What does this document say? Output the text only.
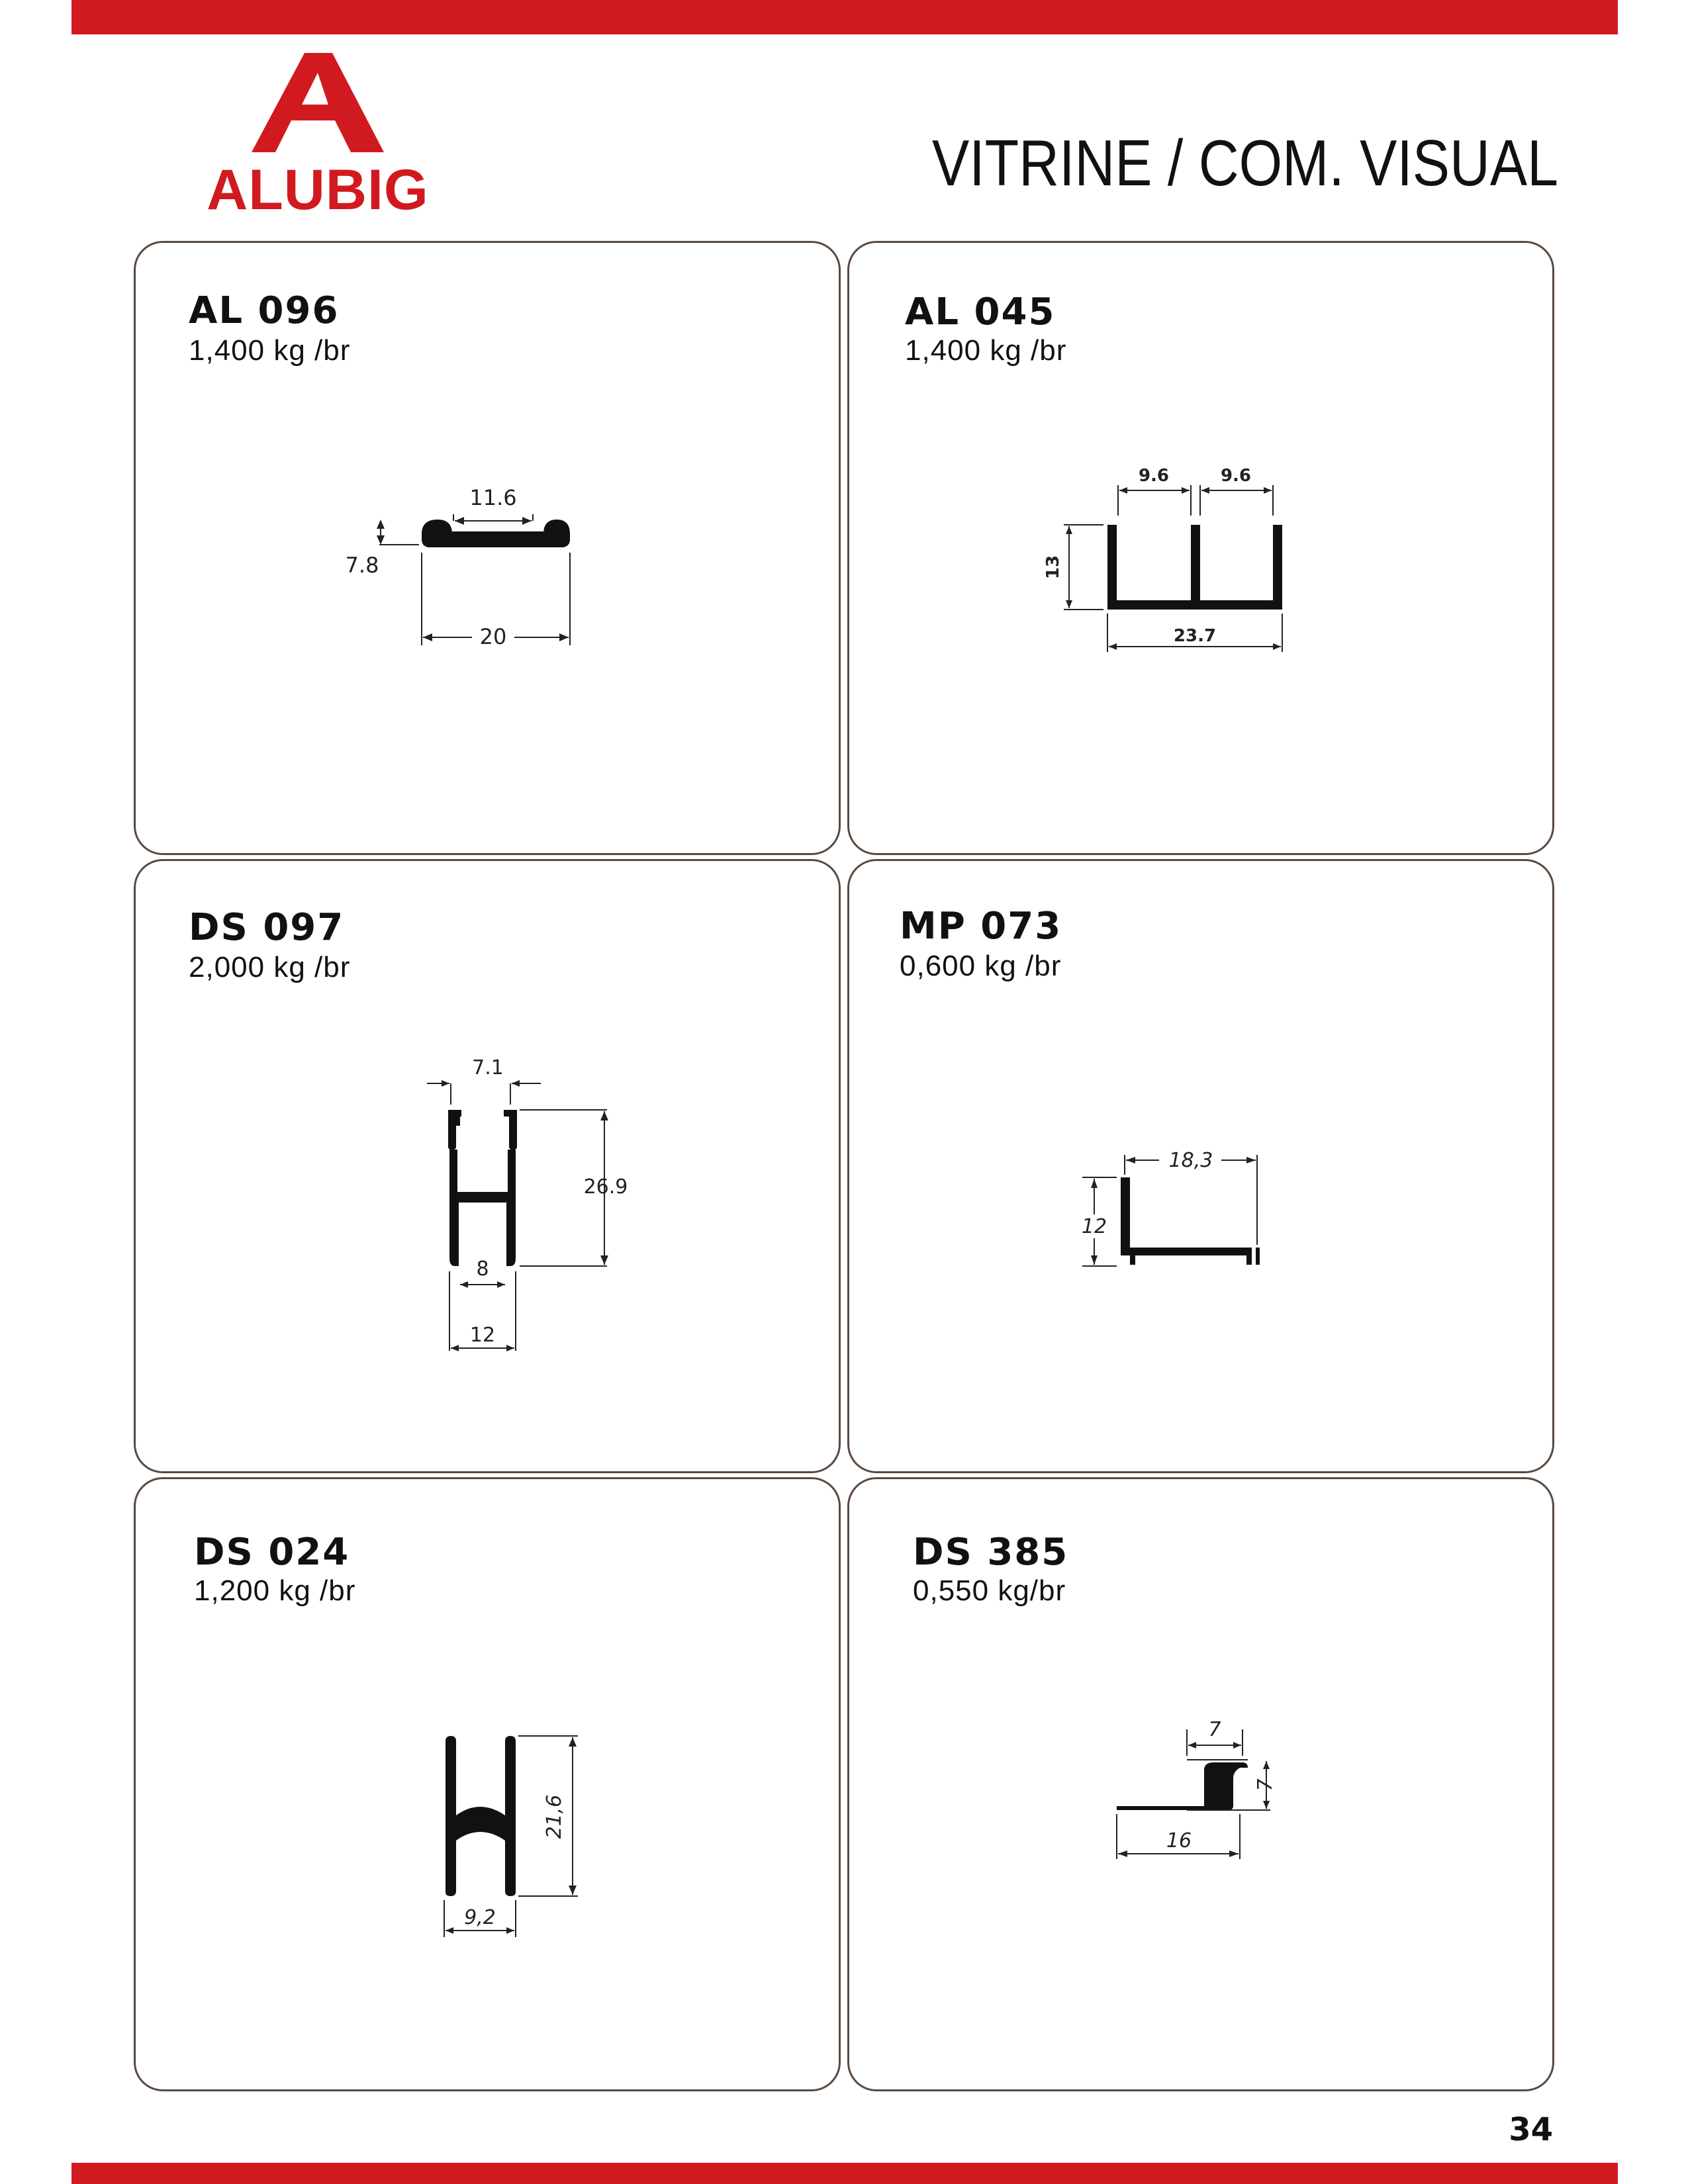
ALUBIG	VITRINE / COM. VISUAL
AL 096
1,400 kg /br
11.6
7.8
20
AL 045
1,400 kg /br
9.6	9.6
13
23.7
DS 097
2,000 kg /br
7.1
26.9
8
12
MP 073
0,600 kg /br
18,3
12
DS 024
1,200 kg /br
21,6
9,2
DS 385
0,550 kg/br
7
7
16
34
